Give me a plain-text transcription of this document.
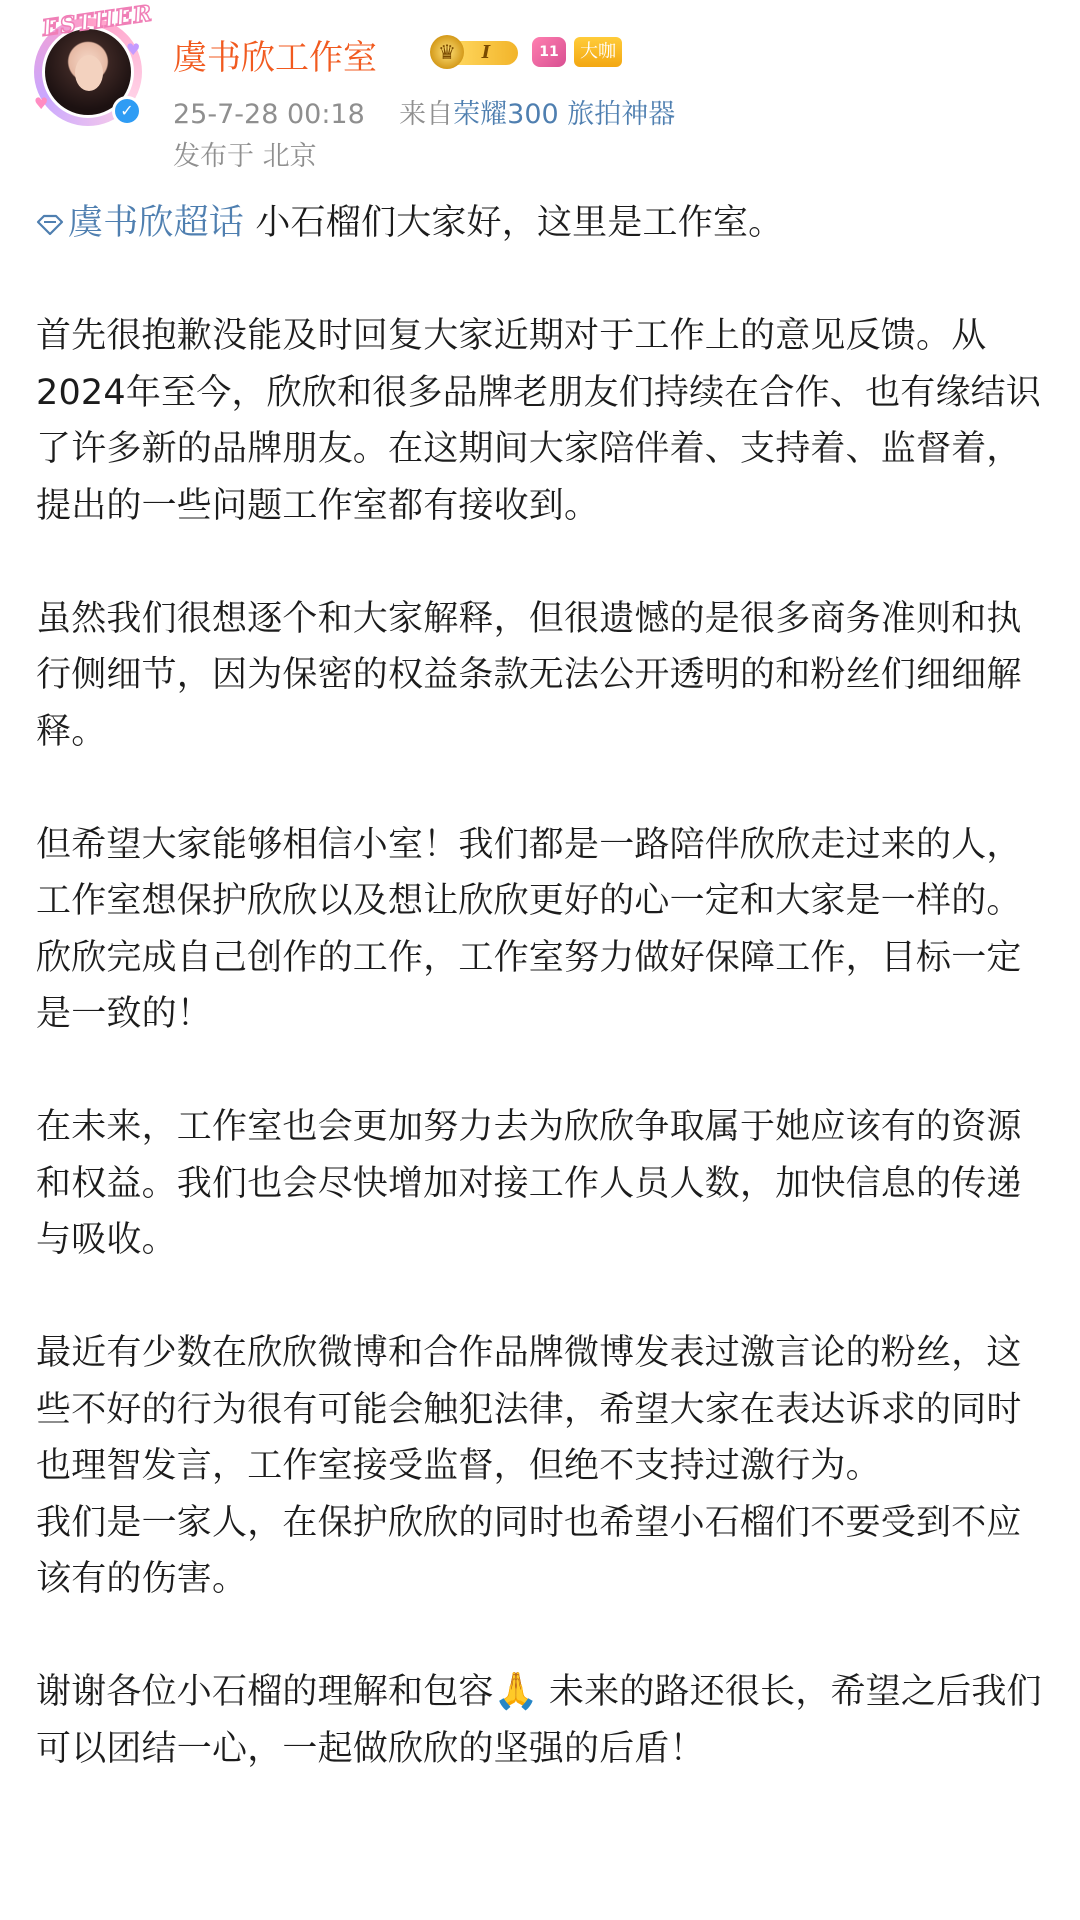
ESTHER
♥
♥
✓
虞书欣工作室	I
♛	11	大咖
25-7-28 00:18 来自荣耀300 旅拍神器
发布于 北京

虞书欣超话 小石榴们大家好，这里是工作室。

首先很抱歉没能及时回复大家近期对于工作上的意见反馈。从2024年至今，欣欣和很多品牌老朋友们持续在合作、也有缘结识了许多新的品牌朋友。在这期间大家陪伴着、支持着、监督着，提出的一些问题工作室都有接收到。

虽然我们很想逐个和大家解释，但很遗憾的是很多商务准则和执行侧细节，因为保密的权益条款无法公开透明的和粉丝们细细解释。

但希望大家能够相信小室！我们都是一路陪伴欣欣走过来的人，工作室想保护欣欣以及想让欣欣更好的心一定和大家是一样的。欣欣完成自己创作的工作，工作室努力做好保障工作，目标一定是一致的！

在未来，工作室也会更加努力去为欣欣争取属于她应该有的资源和权益。我们也会尽快增加对接工作人员人数，加快信息的传递与吸收。

最近有少数在欣欣微博和合作品牌微博发表过激言论的粉丝，这些不好的行为很有可能会触犯法律，希望大家在表达诉求的同时也理智发言，工作室接受监督，但绝不支持过激行为。

我们是一家人，在保护欣欣的同时也希望小石榴们不要受到不应该有的伤害。

谢谢各位小石榴的理解和包容🙏 未来的路还很长，希望之后我们可以团结一心，一起做欣欣的坚强的后盾！
